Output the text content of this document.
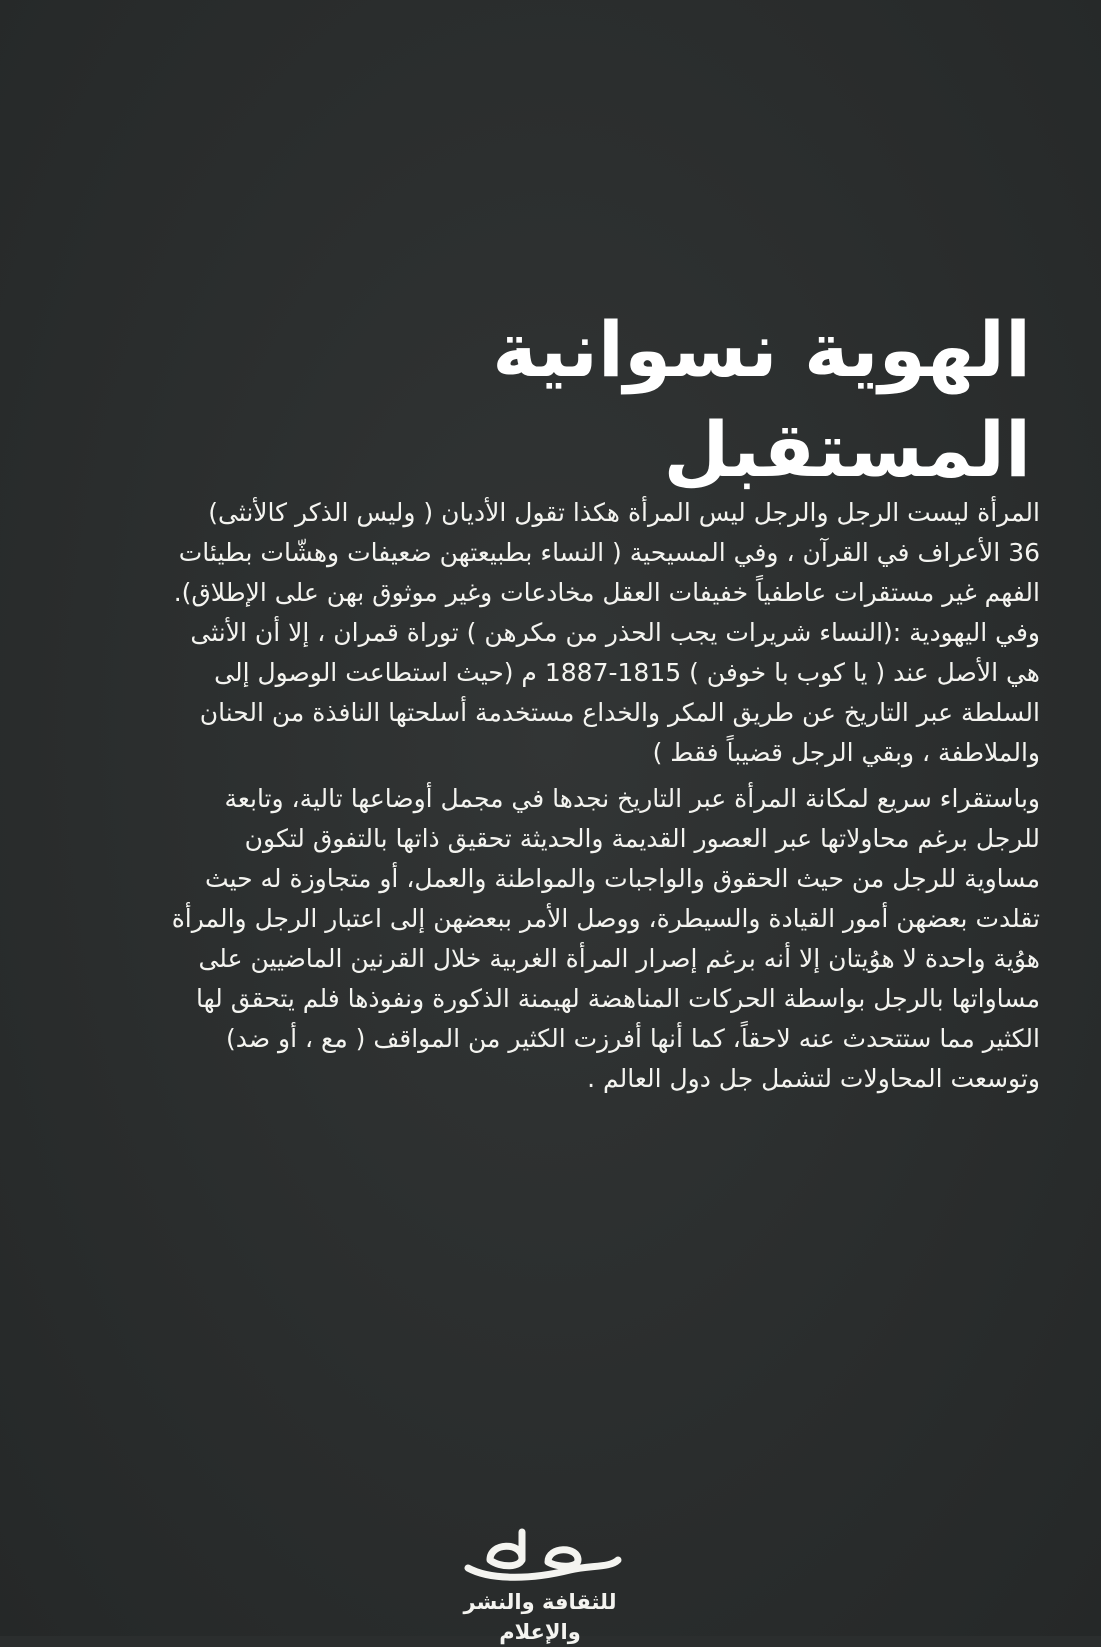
الهوية نسوانية المستقبل
المرأة ليست الرجل والرجل ليس المرأة هكذا تقول الأديان ( وليس الذكر كالأنثى)
36 الأعراف في القرآن ، وفي المسيحية ( النساء بطبيعتهن ضعيفات وهشّات بطيئات
الفهم غير مستقرات عاطفياً خفيفات العقل مخادعات وغير موثوق بهن على الإطلاق).
وفي اليهودية :(النساء شريرات يجب الحذر من مكرهن ) توراة قمران ، إلا أن الأنثى
هي الأصل عند ( يا كوب با خوفن ) 1815-1887 م (حيث استطاعت الوصول إلى
السلطة عبر التاريخ عن طريق المكر والخداع مستخدمة أسلحتها النافذة من الحنان
والملاطفة ، وبقي الرجل قضيباً فقط )
وباستقراء سريع لمكانة المرأة عبر التاريخ نجدها في مجمل أوضاعها تالية، وتابعة
للرجل برغم محاولاتها عبر العصور القديمة والحديثة تحقيق ذاتها بالتفوق لتكون
مساوية للرجل من حيث الحقوق والواجبات والمواطنة والعمل، أو متجاوزة له حيث
تقلدت بعضهن أمور القيادة والسيطرة، ووصل الأمر ببعضهن إلى اعتبار الرجل والمرأة
هوُية واحدة لا هوُيتان إلا أنه برغم إصرار المرأة الغربية خلال القرنين الماضيين على
مساواتها بالرجل بواسطة الحركات المناهضة لهيمنة الذكورة ونفوذها فلم يتحقق لها
الكثير مما ستتحدث عنه لاحقاً، كما أنها أفرزت الكثير من المواقف ( مع ، أو ضد)
وتوسعت المحاولات لتشمل جل دول العالم .
للثقافة والنشر والإعلام
